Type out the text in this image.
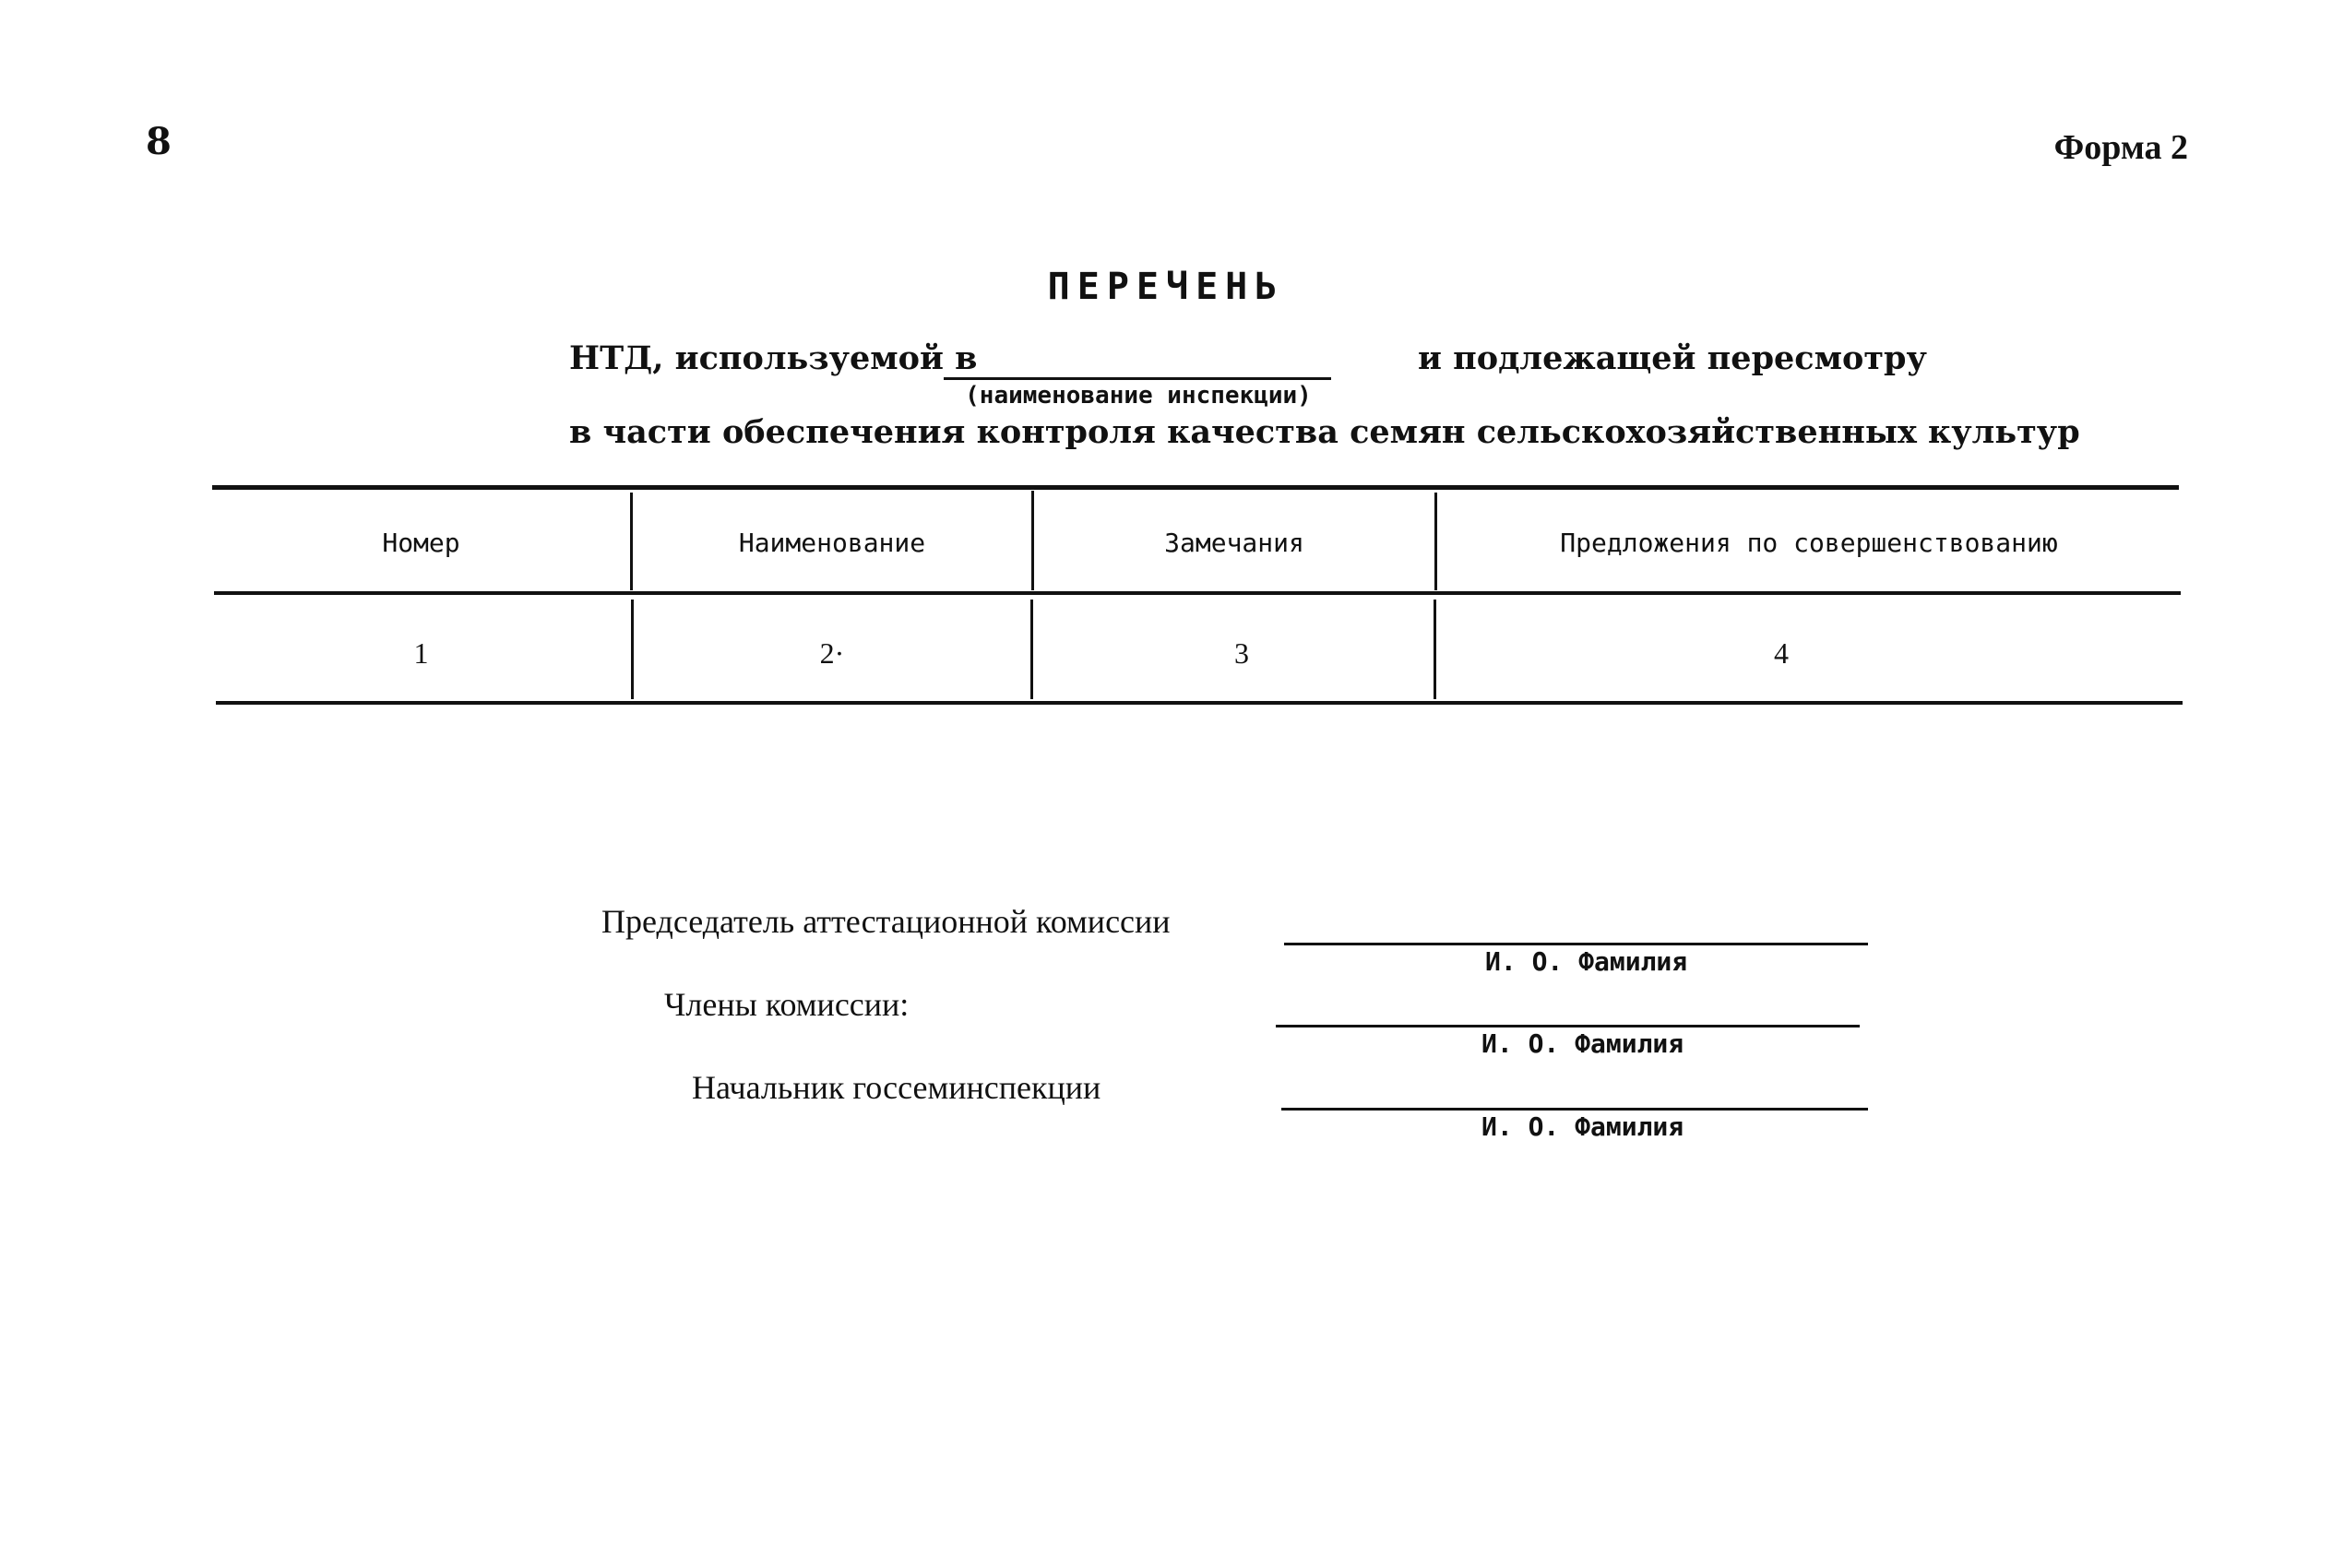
8	Форма 2
ПЕРЕЧЕНЬ
НТД, используемой в
(наименование инспекции)
и подлежащей пересмотру
в части обеспечения контроля качества семян сельскохозяйственных культур
Номер	Наименование	Замечания	Предложения по совершенствованию
1	2·	3	4
Председатель аттестационной комиссии
И. О. Фамилия
Члены комиссии:
И. О. Фамилия
Начальник госсеминспекции
И. О. Фамилия
